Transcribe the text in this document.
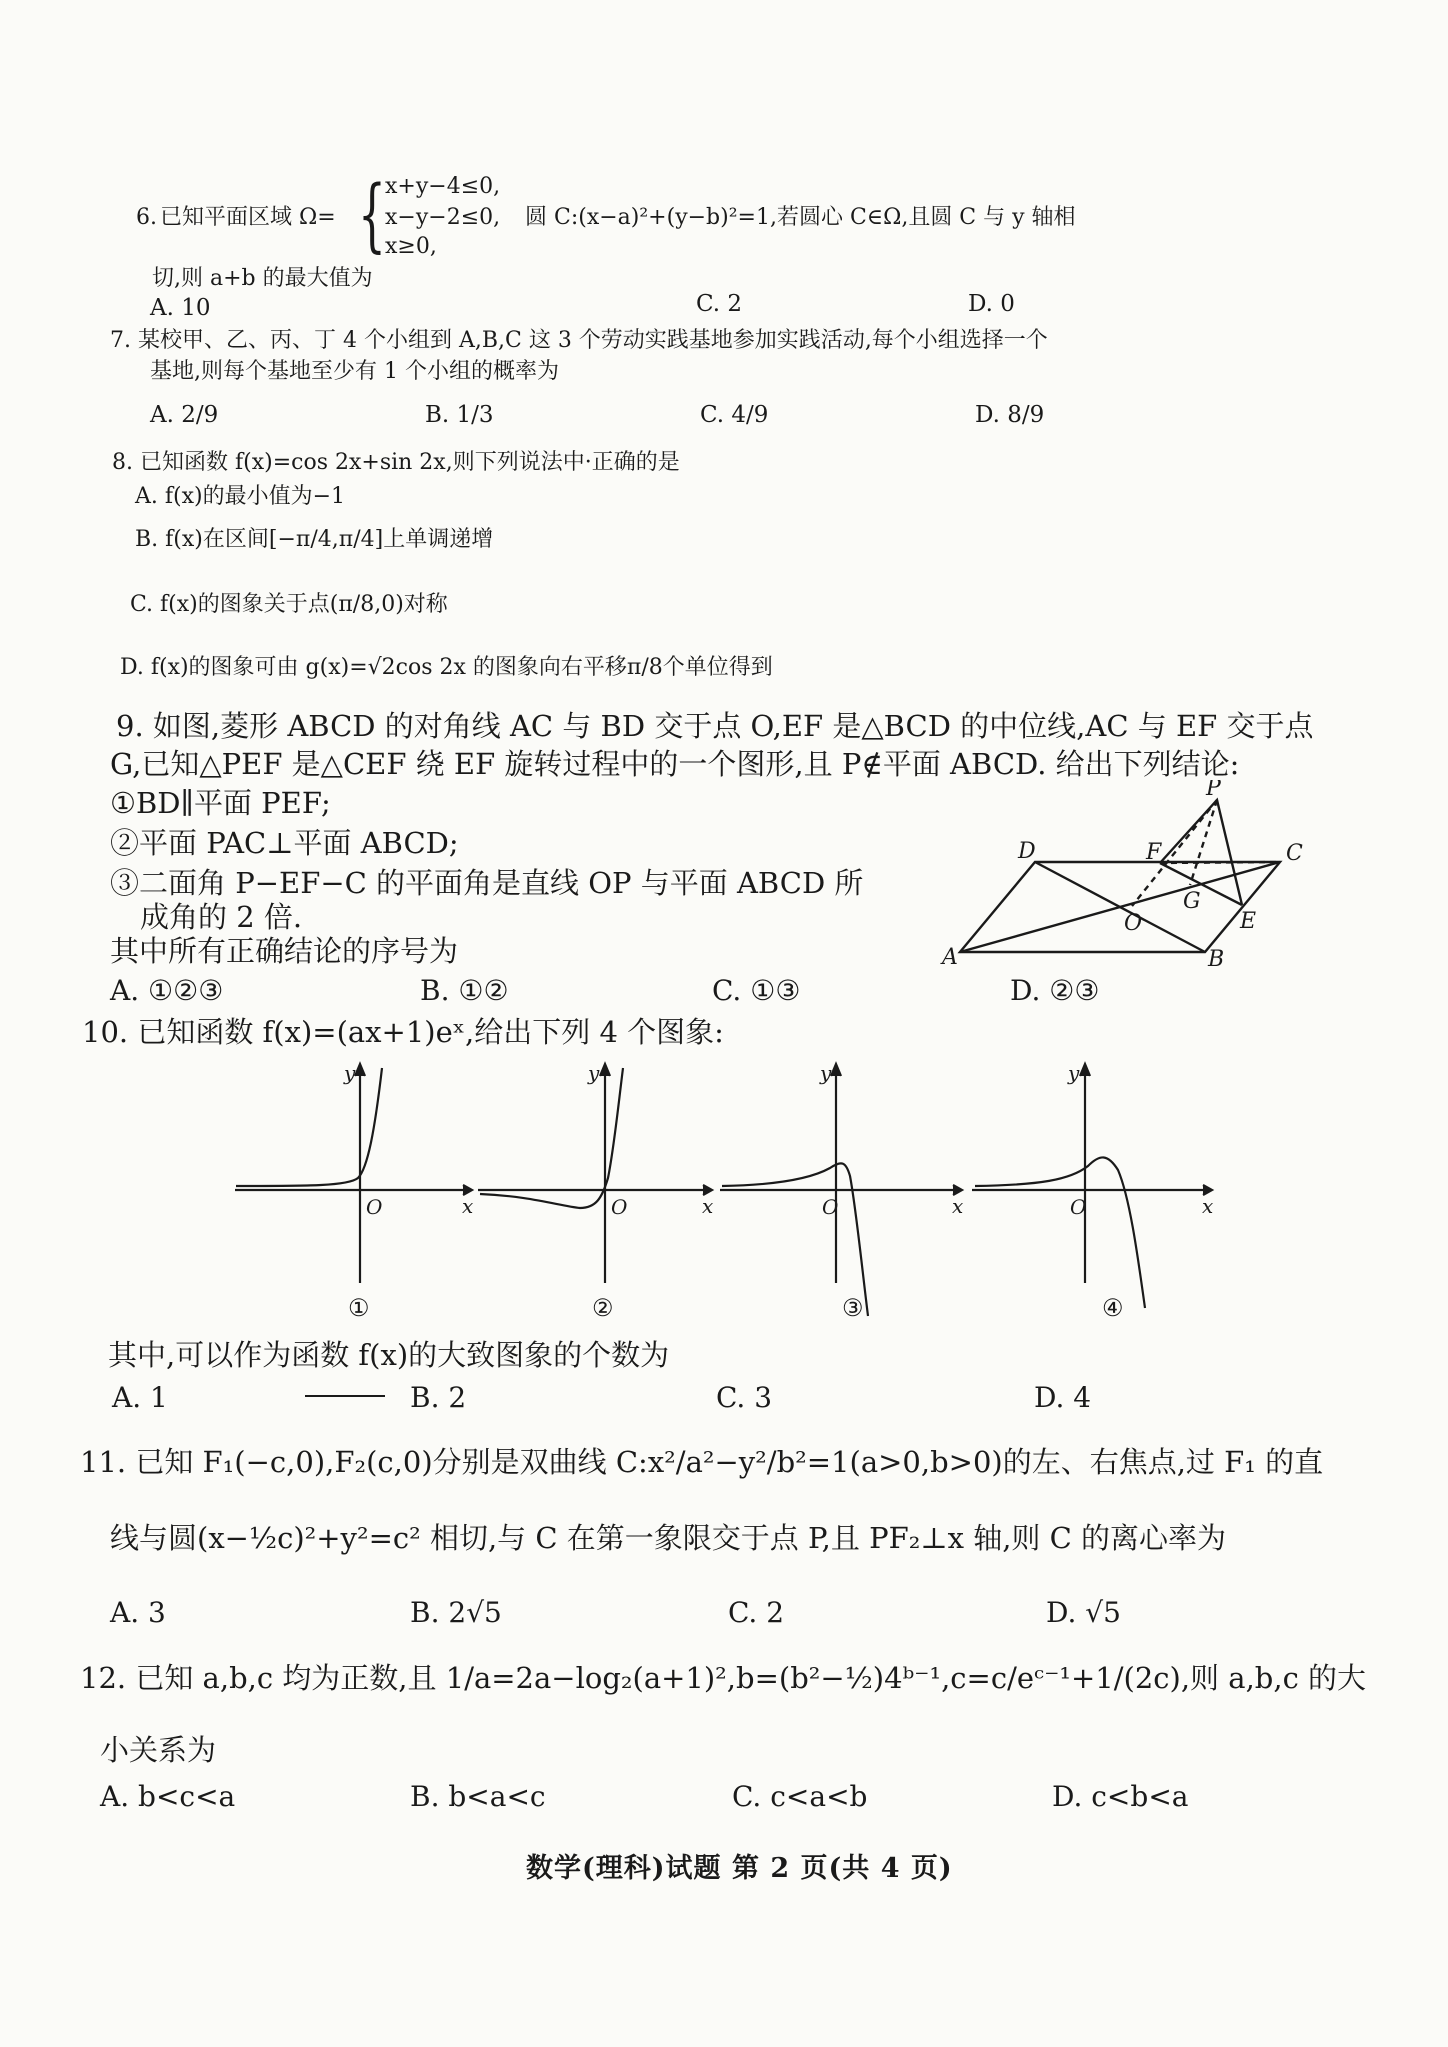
6. 已知平面区域 Ω= { x+y−4≤0,
x−y−2≤0,
x≥0,
圆 C:(x−a)²+(y−b)²=1,若圆心 C∈Ω,且圆 C 与 y 轴相
切,则 a+b 的最大值为
A. 10	C. 2	D. 0
7. 某校甲、乙、丙、丁 4 个小组到 A,B,C 这 3 个劳动实践基地参加实践活动,每个小组选择一个
基地,则每个基地至少有 1 个小组的概率为
A. 2/9	B. 1/3	C. 4/9	D. 8/9
8. 已知函数 f(x)=cos 2x+sin 2x,则下列说法中·正确的是
A. f(x)的最小值为−1
B. f(x)在区间[−π/4,π/4]上单调递增
C. f(x)的图象关于点(π/8,0)对称
D. f(x)的图象可由 g(x)=√2cos 2x 的图象向右平移π/8个单位得到
9. 如图,菱形 ABCD 的对角线 AC 与 BD 交于点 O,EF 是△BCD 的中位线,AC 与 EF 交于点
G,已知△PEF 是△CEF 绕 EF 旋转过程中的一个图形,且 P∉平面 ABCD. 给出下列结论:
①BD∥平面 PEF;
②平面 PAC⊥平面 ABCD;
③二面角 P−EF−C 的平面角是直线 OP 与平面 ABCD 所
成角的 2 倍.
其中所有正确结论的序号为
A. ①②③	B. ①②	C. ①③	D. ②③
P
D	F	C
G
O
A	B
E
10. 已知函数 f(x)=(ax+1)eˣ,给出下列 4 个图象:
y
x
O
y
x
O
y
x
O
y
x
O
①	②	③	④
其中,可以作为函数 f(x)的大致图象的个数为
A. 1	B. 2	C. 3	D. 4
11. 已知 F₁(−c,0),F₂(c,0)分别是双曲线 C:x²/a²−y²/b²=1(a>0,b>0)的左、右焦点,过 F₁ 的直
线与圆(x−½c)²+y²=c² 相切,与 C 在第一象限交于点 P,且 PF₂⊥x 轴,则 C 的离心率为
A. 3	B. 2√5	C. 2	D. √5
12. 已知 a,b,c 均为正数,且 1/a=2a−log₂(a+1)²,b=(b²−½)4ᵇ⁻¹,c=c/eᶜ⁻¹+1/(2c),则 a,b,c 的大
小关系为
A. b<c<a	B. b<a<c	C. c<a<b	D. c<b<a
数学(理科)试题 第 2 页(共 4 页)
